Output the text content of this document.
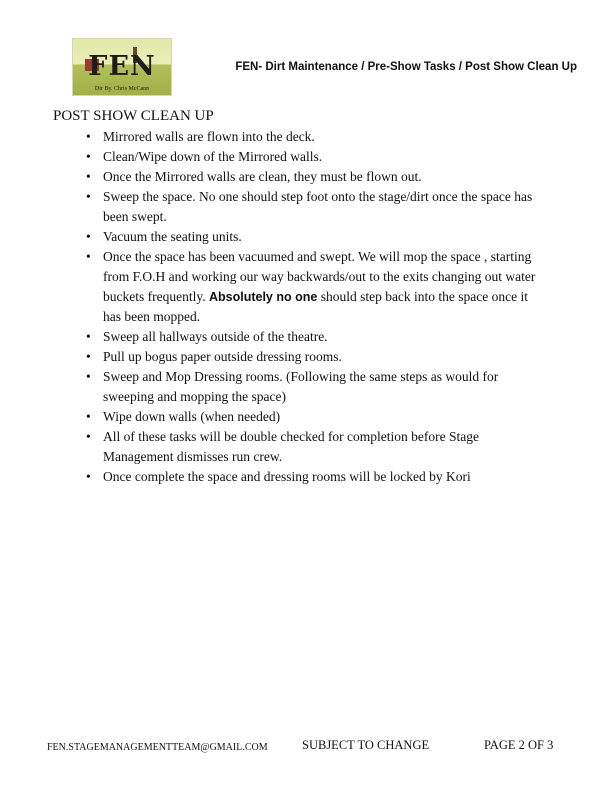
FEN
Dir By. Chris McCann
FEN- Dirt Maintenance / Pre-Show Tasks / Post Show Clean Up
POST SHOW CLEAN UP
• Mirrored walls are flown into the deck.
• Clean/Wipe down of the Mirrored walls.
• Once the Mirrored walls are clean, they must be flown out.
• Sweep the space. No one should step foot onto the stage/dirt once the space has been swept.
• Vacuum the seating units.
• Once the space has been vacuumed and swept. We will mop the space , starting from F.O.H and working our way backwards/out to the exits changing out water buckets frequently. Absolutely no one should step back into the space once it has been mopped.
• Sweep all hallways outside of the theatre.
• Pull up bogus paper outside dressing rooms.
• Sweep and Mop Dressing rooms. (Following the same steps as would for sweeping and mopping the space)
• Wipe down walls (when needed)
• All of these tasks will be double checked for completion before Stage Management dismisses run crew.
• Once complete the space and dressing rooms will be locked by Kori
FEN.STAGEMANAGEMENTTEAM@GMAIL.COM	SUBJECT TO CHANGE	PAGE 2 OF 3
